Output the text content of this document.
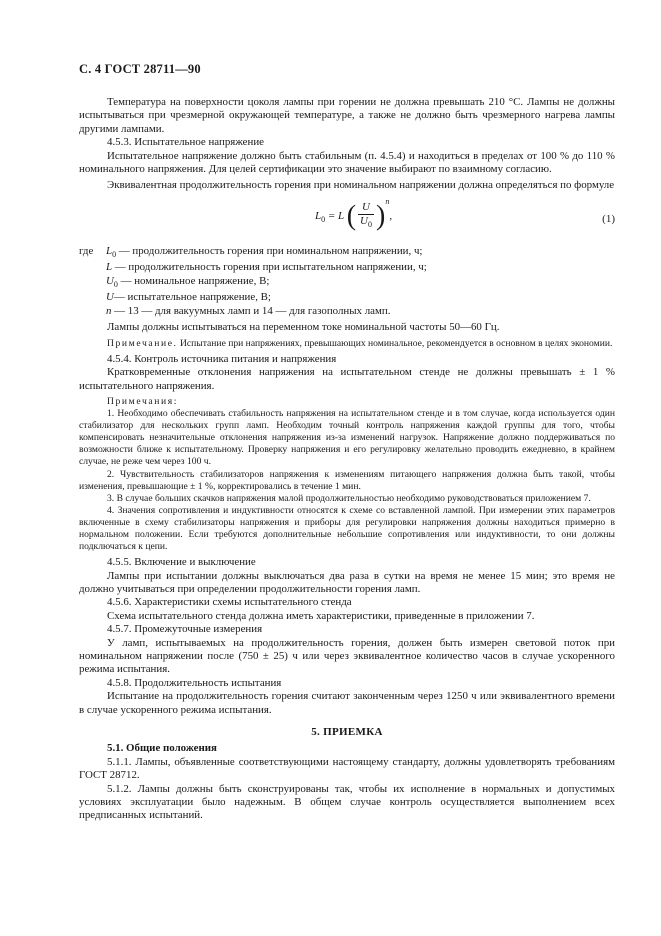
С. 4 ГОСТ 28711—90

Температура на поверхности цоколя лампы при горении не должна превышать 210 °С. Лампы не должны испытываться при чрезмерной окружающей температуре, а также не должно быть чрезмерного нагрева лампы другими лампами.

4.5.3. Испытательное напряжение

Испытательное напряжение должно быть стабильным (п. 4.5.4) и находиться в пределах от 100 % до 110 % номинального напряжения. Для целей сертификации это значение выбирают по взаимному согласию.

Эквивалентная продолжительность горения при номинальном напряжении должна определяться по формуле

$L_0 = L$ ( $\frac{U}{U_0} )^n$,	(1)
где $L_0$ — продолжительность горения при номинальном напряжении, ч;
L — продолжительность горения при испытательном напряжении, ч;
$U_0$ — номинальное напряжение, В;
U— испытательное напряжение, В;
n — 13 — для вакуумных ламп и 14 — для газополных ламп.

Лампы должны испытываться на переменном токе номинальной частоты 50—60 Гц.

Примечание. Испытание при напряжениях, превышающих номинальное, рекомендуется в основном в целях экономии.

4.5.4. Контроль источника питания и напряжения

Кратковременные отклонения напряжения на испытательном стенде не должны превышать ± 1 % испытательного напряжения.

Примечания:

1. Необходимо обеспечивать стабильность напряжения на испытательном стенде и в том случае, когда используется один стабилизатор для нескольких групп ламп. Необходим точный контроль напряжения каждой группы для того, чтобы компенсировать незначительные отклонения напряжения из-за изменений нагрузок. Напряжение должно поддерживаться по возможности ближе к испытательному. Проверку напряжения и его регулировку желательно проводить ежедневно, в крайнем случае, не реже чем через 100 ч.

2. Чувствительность стабилизаторов напряжения к изменениям питающего напряжения должна быть такой, чтобы изменения, превышающие ± 1 %, корректировались в течение 1 мин.

3. В случае больших скачков напряжения малой продолжительностью необходимо руководствоваться приложением 7.

4. Значения сопротивления и индуктивности относятся к схеме со вставленной лампой. При измерении этих параметров включенные в схему стабилизаторы напряжения и приборы для регулировки напряжения должны находиться примерно в нормальном положении. Если требуются дополнительные небольшие сопротивления или индуктивности, то они должны подключаться к цепи.

4.5.5. Включение и выключение

Лампы при испытании должны выключаться два раза в сутки на время не менее 15 мин; это время не должно учитываться при определении продолжительности горения ламп.

4.5.6. Характеристики схемы испытательного стенда

Схема испытательного стенда должна иметь характеристики, приведенные в приложении 7.

4.5.7. Промежуточные измерения

У ламп, испытываемых на продолжительность горения, должен быть измерен световой поток при номинальном напряжении после (750 ± 25) ч или через эквивалентное количество часов в случае ускоренного режима испытания.

4.5.8. Продолжительность испытания

Испытание на продолжительность горения считают законченным через 1250 ч или эквивалентного времени в случае ускоренного режима испытания.

5. ПРИЕМКА

5.1. Общие положения

5.1.1. Лампы, объявленные соответствующими настоящему стандарту, должны удовлетворять требованиям ГОСТ 28712.

5.1.2. Лампы должны быть сконструированы так, чтобы их исполнение в нормальных и допустимых условиях эксплуатации было надежным. В общем случае контроль осуществляется выполнением всех предписанных испытаний.
